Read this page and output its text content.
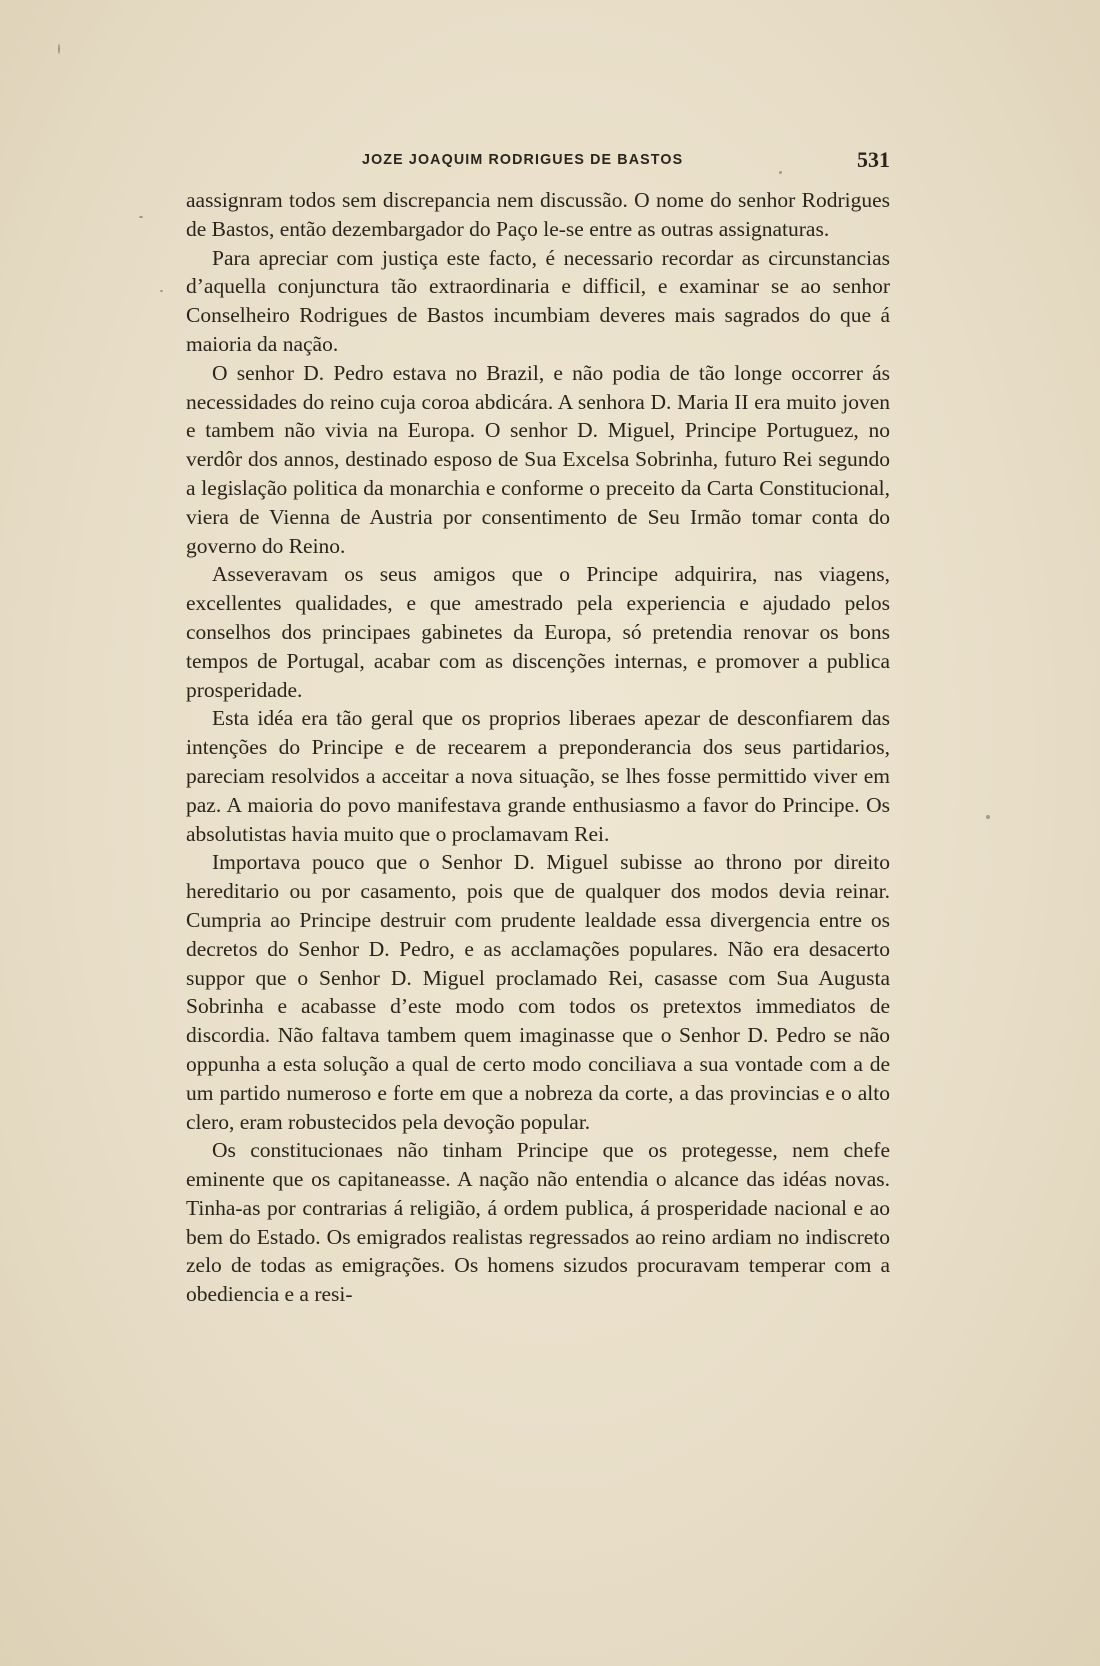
JOZE JOAQUIM RODRIGUES DE BASTOS	531

aassignram todos sem discrepancia nem discussão. O nome do senhor Rodrigues de Bastos, então dezembargador do Paço le-se entre as outras assignaturas.

Para apreciar com justiça este facto, é necessario recordar as circunstancias d’aquella conjunctura tão extraordinaria e difficil, e examinar se ao senhor Conselheiro Rodrigues de Bastos incumbiam deveres mais sagrados do que á maioria da nação.

O senhor D. Pedro estava no Brazil, e não podia de tão longe occorrer ás necessidades do reino cuja coroa abdicára. A senhora D. Maria II era muito joven e tambem não vivia na Europa. O senhor D. Miguel, Principe Portuguez, no verdôr dos annos, destinado esposo de Sua Excelsa Sobrinha, futuro Rei segundo a legislação politica da monarchia e conforme o preceito da Carta Constitucional, viera de Vienna de Austria por consentimento de Seu Irmão tomar conta do governo do Reino.

Asseveravam os seus amigos que o Principe adquirira, nas viagens, excellentes qualidades, e que amestrado pela experiencia e ajudado pelos conselhos dos principaes gabinetes da Europa, só pretendia renovar os bons tempos de Portugal, acabar com as discenções internas, e promover a publica prosperidade.

Esta idéa era tão geral que os proprios liberaes apezar de desconfiarem das intenções do Principe e de recearem a preponderancia dos seus partidarios, pareciam resolvidos a acceitar a nova situação, se lhes fosse permittido viver em paz. A maioria do povo manifestava grande enthusiasmo a favor do Principe. Os absolutistas havia muito que o proclamavam Rei.

Importava pouco que o Senhor D. Miguel subisse ao throno por direito hereditario ou por casamento, pois que de qualquer dos modos devia reinar. Cumpria ao Principe destruir com prudente lealdade essa divergencia entre os decretos do Senhor D. Pedro, e as acclamações populares. Não era desacerto suppor que o Senhor D. Miguel proclamado Rei, casasse com Sua Augusta Sobrinha e acabasse d’este modo com todos os pretextos immediatos de discordia. Não faltava tambem quem imaginasse que o Senhor D. Pedro se não oppunha a esta solução a qual de certo modo conciliava a sua vontade com a de um partido numeroso e forte em que a nobreza da corte, a das provincias e o alto clero, eram robustecidos pela devoção popular.

Os constitucionaes não tinham Principe que os protegesse, nem chefe eminente que os capitaneasse. A nação não entendia o alcance das idéas novas. Tinha-as por contrarias á religião, á ordem publica, á prosperidade nacional e ao bem do Estado. Os emigrados realistas regressados ao reino ardiam no indiscreto zelo de todas as emigrações. Os homens sizudos procuravam temperar com a obediencia e a resi-
